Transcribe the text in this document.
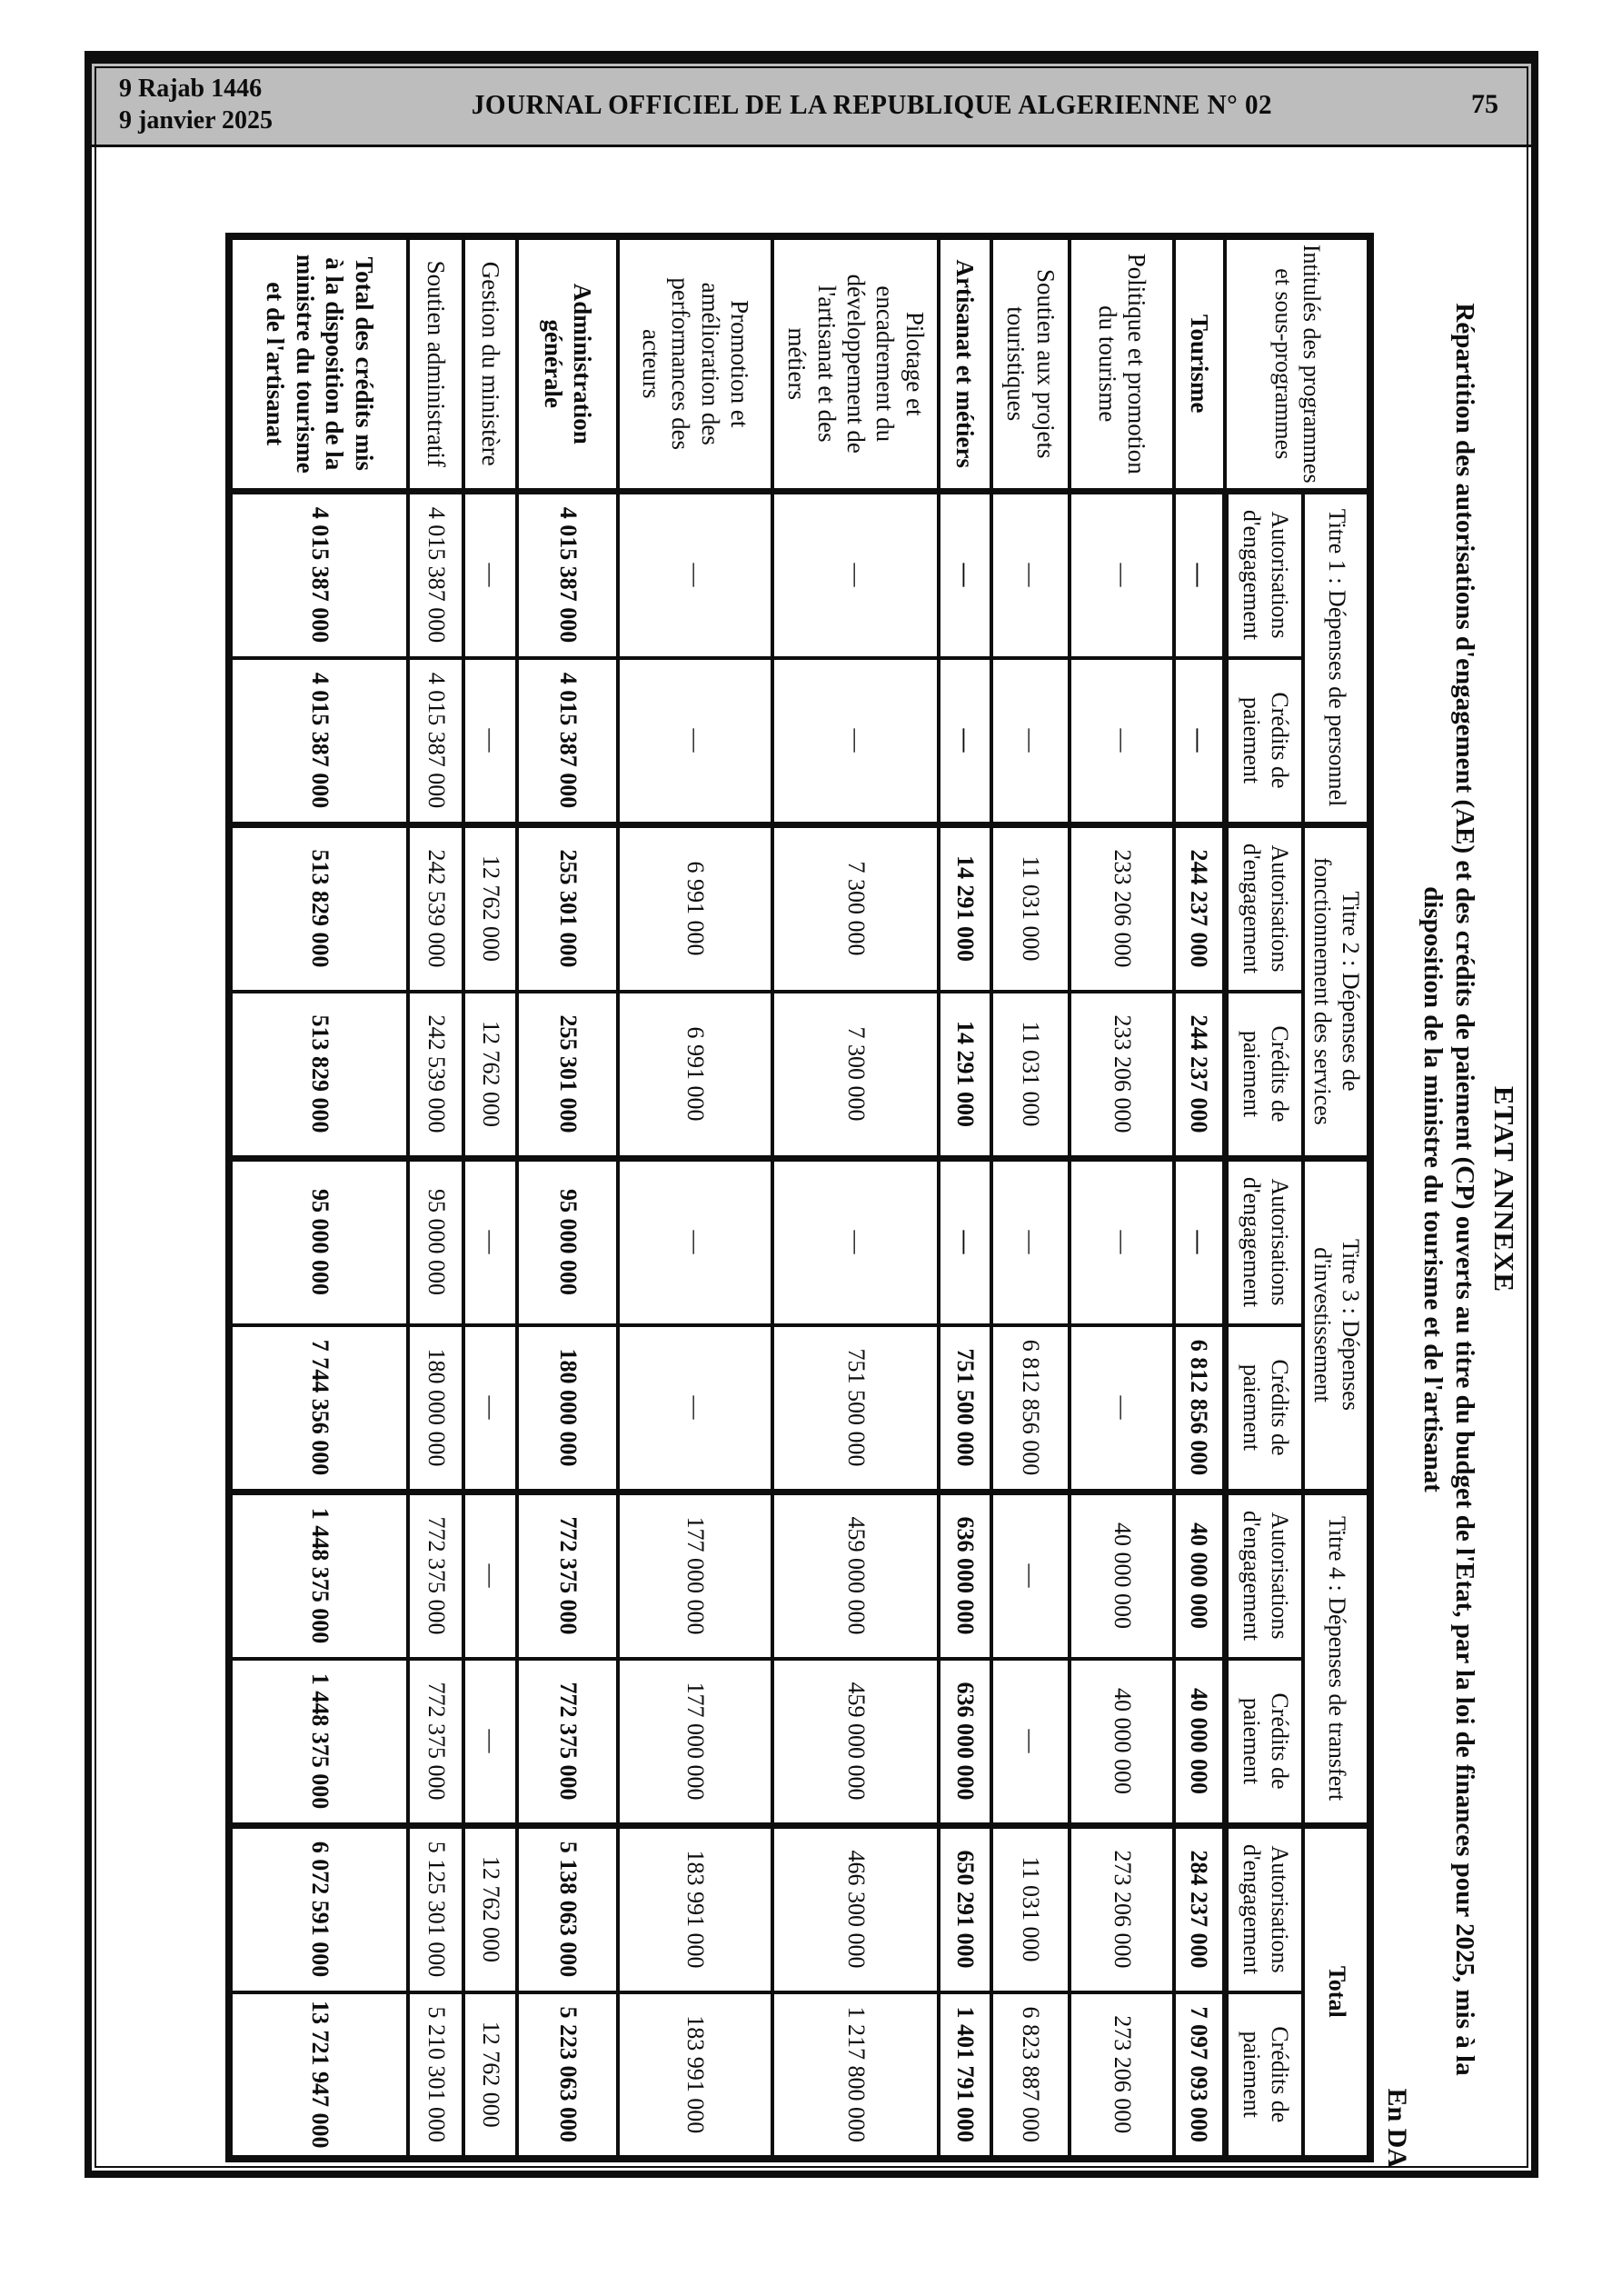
9 Rajab 1446
9 janvier 2025
JOURNAL OFFICIEL DE LA REPUBLIQUE ALGERIENNE N° 02	75
ETAT ANNEXE
Répartition des autorisations d'engagement (AE) et des crédits de paiement (CP) ouverts au titre du budget de l'Etat, par la loi de finances pour 2025, mis à la
disposition de la ministre du tourisme et de l'artisanat
En DA
Intitulés des programmes et sous-programmes	Titre 1 : Dépenses de personnel		Titre 2 : Dépenses de fonctionnement des services		Titre 3 : Dépenses d'investissement		Titre 4 : Dépenses de transfert		Total	
	Autorisations d'engagement	Crédits de paiement	Autorisations d'engagement	Crédits de paiement	Autorisations d'engagement	Crédits de paiement	Autorisations d'engagement	Crédits de paiement	Autorisations d'engagement	Crédits de paiement
Tourisme	—	—	244 237 000	244 237 000	—	6 812 856 000	40 000 000	40 000 000	284 237 000	7 097 093 000
Politique et promotion du tourisme	—	—	233 206 000	233 206 000	—	—	40 000 000	40 000 000	273 206 000	273 206 000
Soutien aux projets touristiques	—	—	11 031 000	11 031 000	—	6 812 856 000	—	—	11 031 000	6 823 887 000
Artisanat et métiers	—	—	14 291 000	14 291 000	—	751 500 000	636 000 000	636 000 000	650 291 000	1 401 791 000
Pilotage et encadrement du développement de l'artisanat et des métiers	—	—	7 300 000	7 300 000	—	751 500 000	459 000 000	459 000 000	466 300 000	1 217 800 000
Promotion et amélioration des performances des acteurs	—	—	6 991 000	6 991 000	—	—	177 000 000	177 000 000	183 991 000	183 991 000
Administration générale	4 015 387 000	4 015 387 000	255 301 000	255 301 000	95 000 000	180 000 000	772 375 000	772 375 000	5 138 063 000	5 223 063 000
Gestion du ministère	—	—	12 762 000	12 762 000	—	—	—	—	12 762 000	12 762 000
Soutien administratif	4 015 387 000	4 015 387 000	242 539 000	242 539 000	95 000 000	180 000 000	772 375 000	772 375 000	5 125 301 000	5 210 301 000
Total des crédits mis à la disposition de la ministre du tourisme et de l'artisanat	4 015 387 000	4 015 387 000	513 829 000	513 829 000	95 000 000	7 744 356 000	1 448 375 000	1 448 375 000	6 072 591 000	13 721 947 000
